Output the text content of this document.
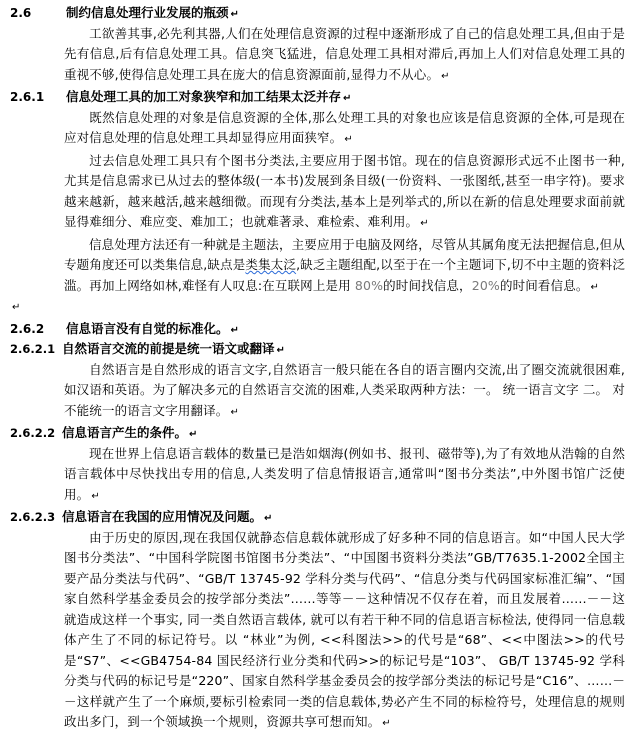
2.6	制约信息处理行业发展的瓶颈 ↵

工欲善其事,必先利其器,人们在处理信息资源的过程中逐渐形成了自己的信息处理工具,但由于是先有信息,后有信息处理工具。信息突飞猛进，信息处理工具相对滞后,再加上人们对信息处理工具的重视不够,使得信息处理工具在庞大的信息资源面前,显得力不从心。 ↵

2.6.1 信息处理工具的加工对象狭窄和加工结果太泛并存 ↵

既然信息处理的对象是信息资源的全体,那么处理工具的对象也应该是信息资源的全体,可是现在应对信息处理的信息处理工具却显得应用面狭窄。 ↵

过去信息处理工具只有个图书分类法,主要应用于图书馆。现在的信息资源形式远不止图书一种,尤其是信息需求已从过去的整体级(一本书)发展到条目级(一份资料、一张图纸,甚至一串字符)。要求越来越新，越来越活,越来越细微。而现有分类法,基本上是列举式的,所以在新的信息处理要求面前就显得难细分、难应变、难加工；也就难著录、难检索、难利用。 ↵

信息处理方法还有一种就是主题法，主要应用于电脑及网络，尽管从其属角度无法把握信息,但从专题角度还可以类集信息,缺点是类集太泛,缺乏主题组配,以至于在一个主题词下,切不中主题的资料泛滥。再加上网络如林,难怪有人叹息:在互联网上是用 80%的时间找信息，20%的时间看信息。 ↵

↵
2.6.2 信息语言没有自觉的标准化。 ↵
2.6.2.1 自然语言交流的前提是统一语文或翻译 ↵

自然语言是自然形成的语言文字,自然语言一般只能在各自的语言圈内交流,出了圈交流就很困难,如汉语和英语。为了解决多元的自然语言交流的困难,人类采取两种方法：一。 统一语言文字 二。 对不能统一的语言文字用翻译。 ↵

2.6.2.2 信息语言产生的条件。 ↵

现在世界上信息语言载体的数量已是浩如烟海(例如书、报刊、磁带等),为了有效地从浩翰的自然语言载体中尽快找出专用的信息,人类发明了信息情报语言,通常叫“图书分类法”,中外图书馆广泛使用。 ↵

2.6.2.3 信息语言在我国的应用情况及问题。 ↵

由于历史的原因,现在我国仅就静态信息载体就形成了好多种不同的信息语言。如“中国人民大学图书分类法”、“中国科学院图书馆图书分类法”、“中国图书资料分类法”GB/T7635.1-2002全国主要产品分类法与代码”、“GB/T 13745-92 学科分类与代码”、“信息分类与代码国家标准汇编”、“国家自然科学基金委员会的按学部分类法”……等等－－这种情况不仅存在着，而且发展着……－－这就造成这样一个事实, 同一类自然语言载体, 就可以有若干种不同的信息语言标检法, 使得同一信息载体产生了不同的标记符号。以 “林业”为例, <<科图法>>的代号是“68”、<<中图法>>的代号是“S7”、<<GB4754-84 国民经济行业分类和代码>>的标记号是“103”、 GB/T 13745-92 学科分类与代码的标记号是“220”、国家自然科学基金委员会的按学部分类法的标记号是“C16”、……－－这样就产生了一个麻烦,要标引检索同一类的信息载体,势必产生不同的标检符号，处理信息的规则政出多门，到一个领域换一个规则，资源共享可想而知。 ↵
